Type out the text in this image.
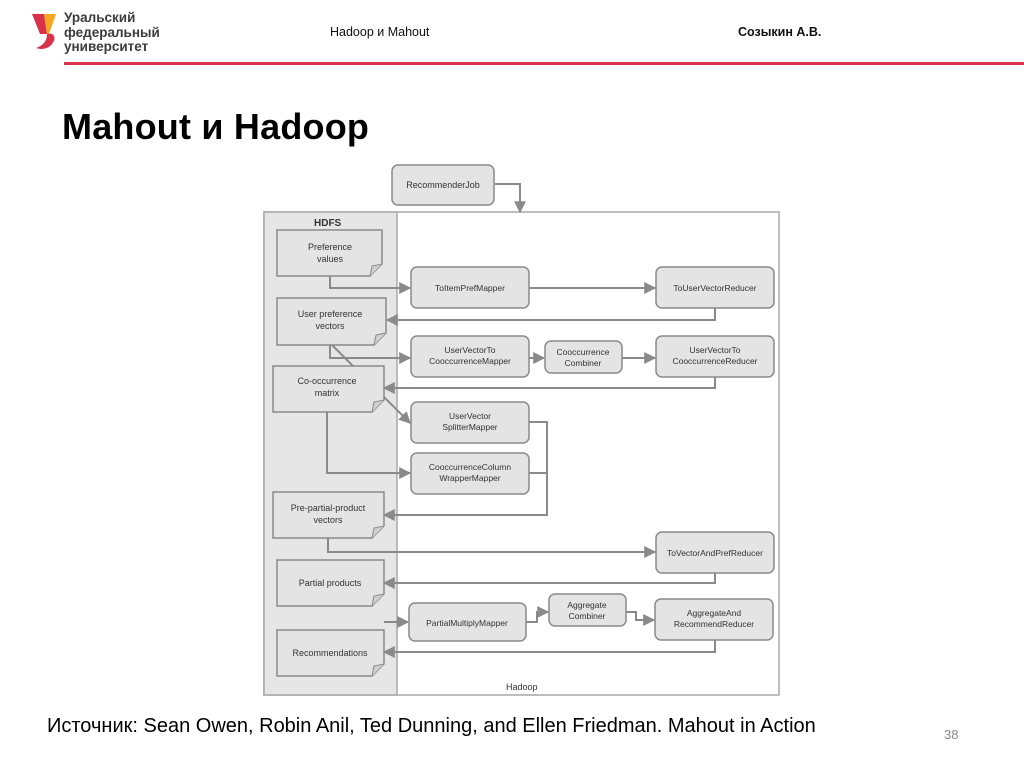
Уральский
федеральный
университет
Hadoop и Mahout	Созыкин А.В.
Mahout и Hadoop
HDFS
Hadoop
RecommenderJob
Preference
values
User preference
vectors
Co-occurrence
matrix
Pre-partial-product
vectors
Partial products
Recommendations
ToItemPrefMapper	ToUserVectorReducer
UserVectorTo
CooccurrenceMapper
Cooccurrence
Combiner
UserVectorTo
CooccurrenceReducer
UserVector
SplitterMapper
CooccurrenceColumn
WrapperMapper
ToVectorAndPrefReducer
PartialMultiplyMapper
Aggregate
Combiner	AggregateAnd
RecommendReducer
Источник: Sean Owen, Robin Anil, Ted Dunning, and Ellen Friedman. Mahout in Action	38
